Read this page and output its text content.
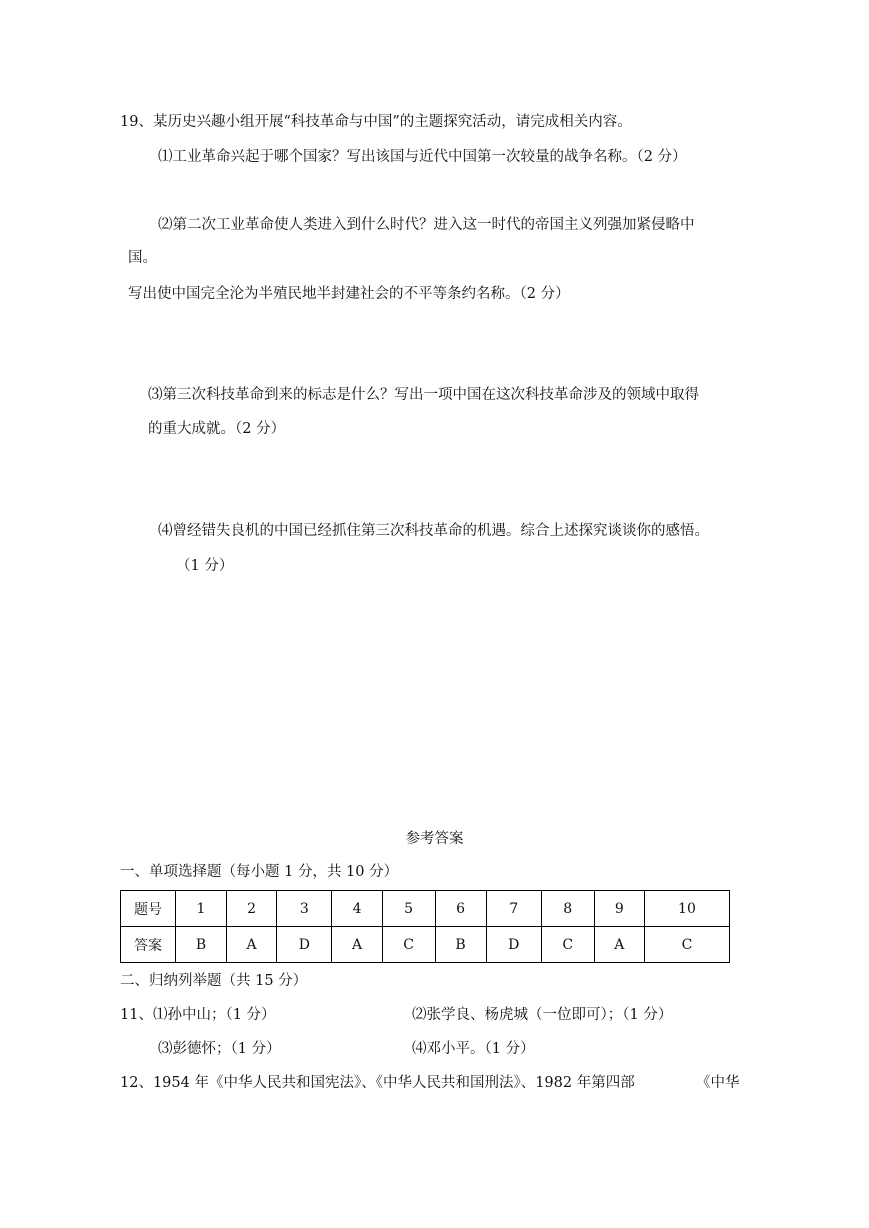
19、某历史兴趣小组开展“科技革命与中国”的主题探究活动，请完成相关内容。
⑴工业革命兴起于哪个国家？写出该国与近代中国第一次较量的战争名称。（2 分）
⑵第二次工业革命使人类进入到什么时代？进入这一时代的帝国主义列强加紧侵略中
国。
写出使中国完全沦为半殖民地半封建社会的不平等条约名称。（2 分）
⑶第三次科技革命到来的标志是什么？写出一项中国在这次科技革命涉及的领域中取得
的重大成就。（2 分）
⑷曾经错失良机的中国已经抓住第三次科技革命的机遇。综合上述探究谈谈你的感悟。
（1 分）
参考答案
一、单项选择题（每小题 1 分，共 10 分）
题号	1	2	3	4	5	6	7	8	9	10
答案	B	A	D	A	C	B	D	C	A	C
二、归纳列举题（共 15 分）
11、⑴孙中山；（1 分）	⑵张学良、杨虎城（一位即可）；（1 分）
⑶彭德怀；（1 分）	⑷邓小平。（1 分）
12、1954 年《中华人民共和国宪法》、《中华人民共和国刑法》、1982 年第四部	《中华
